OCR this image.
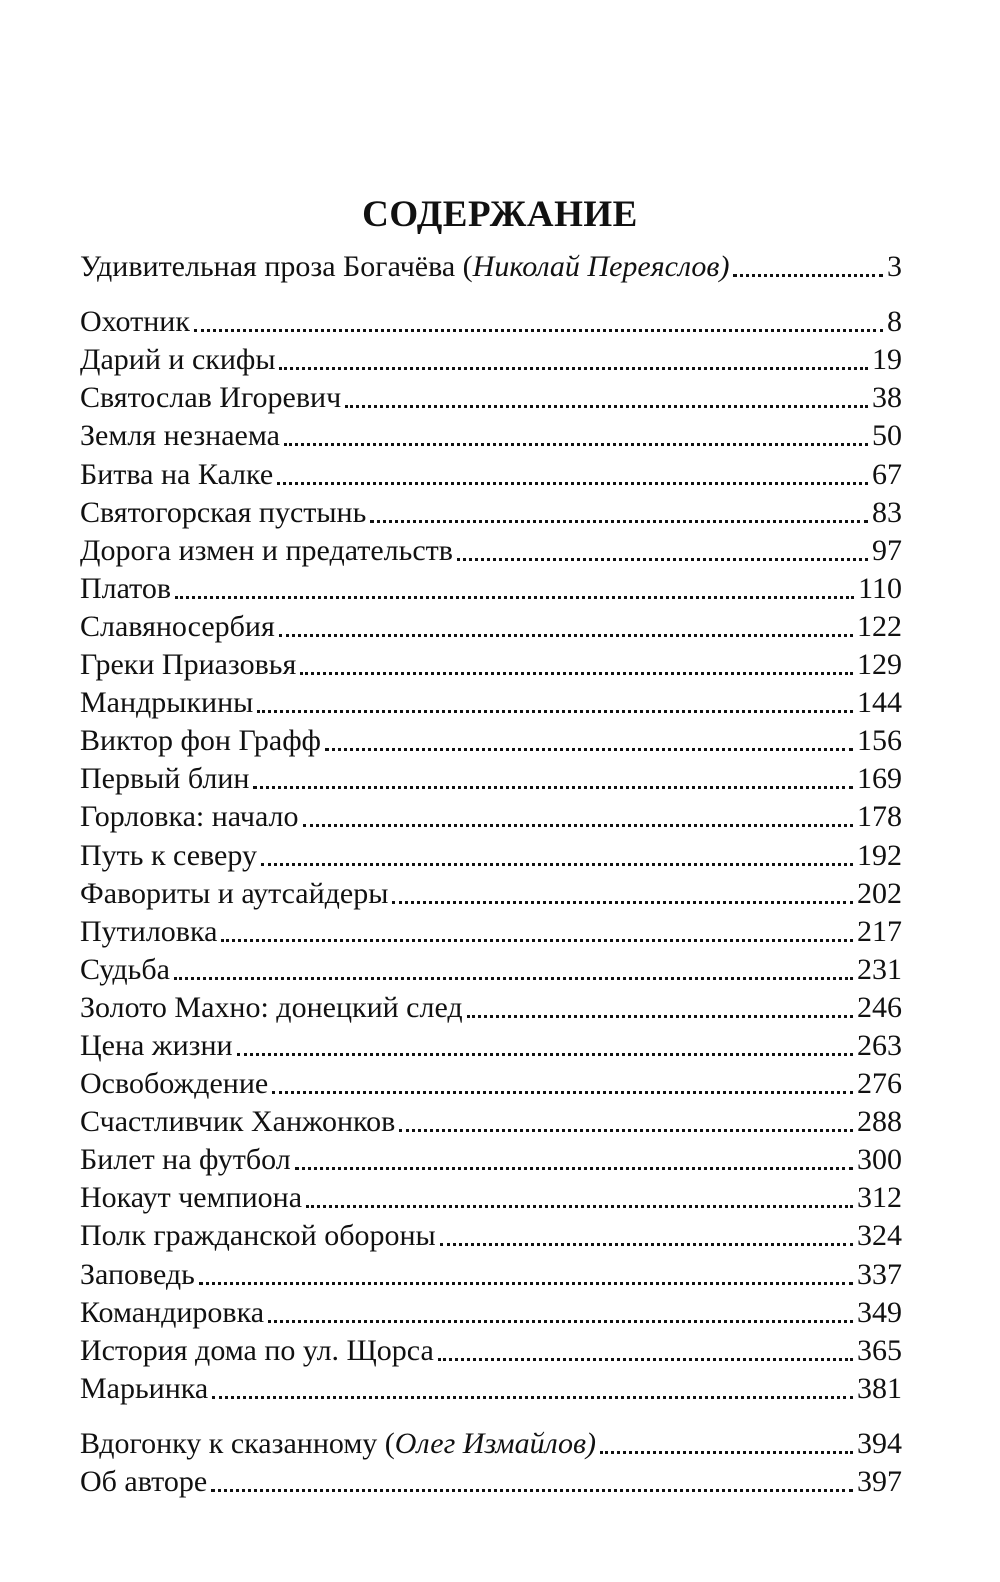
СОДЕРЖАНИЕ
Удивительная проза Богачёва (Николай Переяслов)	3
Охотник	8
Дарий и скифы	19
Святослав Игоревич	38
Земля незнаема	50
Битва на Калке	67
Святогорская пустынь	83
Дорога измен и предательств	97
Платов	110
Славяносербия	122
Греки Приазовья	129
Мандрыкины	144
Виктор фон Графф	156
Первый блин	169
Горловка: начало	178
Путь к северу	192
Фавориты и аутсайдеры	202
Путиловка	217
Судьба	231
Золото Махно: донецкий след	246
Цена жизни	263
Освобождение	276
Счастливчик Ханжонков	288
Билет на футбол	300
Нокаут чемпиона	312
Полк гражданской обороны	324
Заповедь	337
Командировка	349
История дома по ул. Щорса	365
Марьинка	381
Вдогонку к сказанному (Олег Измайлов)	394
Об авторе	397
